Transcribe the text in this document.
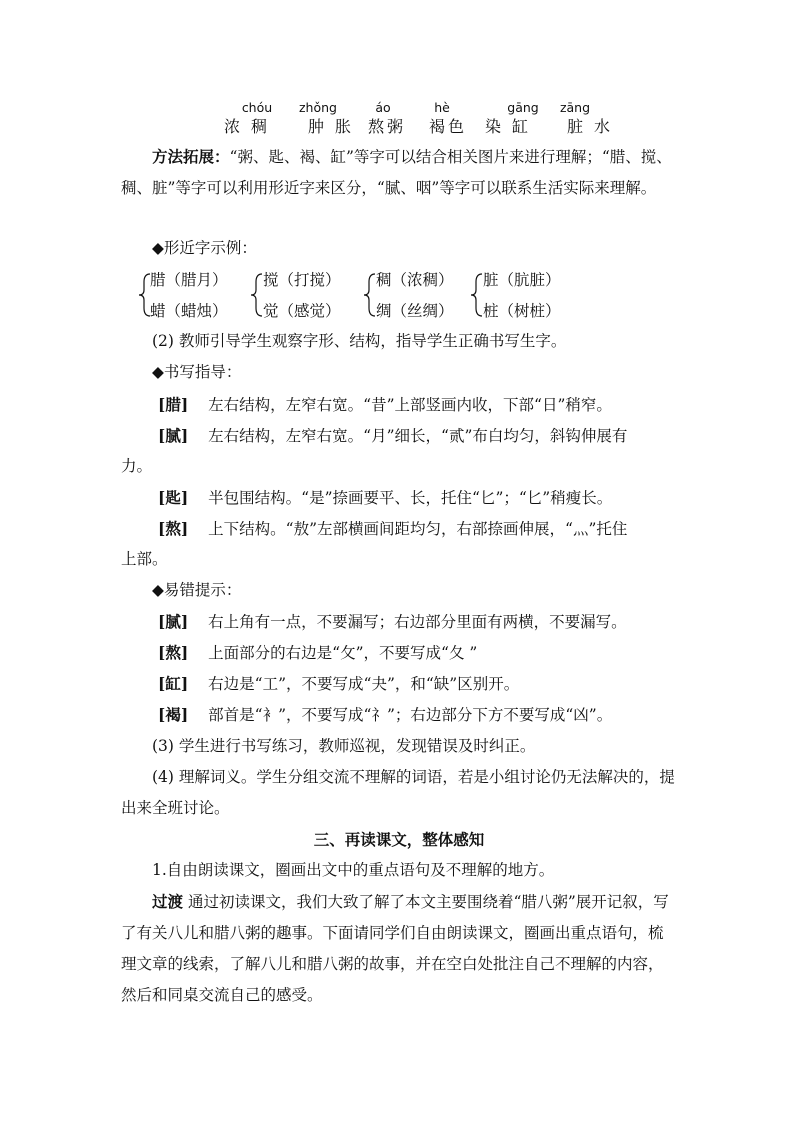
chóu
浓 稠
zhǒng
肿 胀
áo
熬粥
hè
褐色
gāng
染 缸
zāng
脏 水

方法拓展：“粥、匙、褐、缸”等字可以结合相关图片来进行理解；“腊、搅、稠、脏”等字可以利用形近字来区分，“腻、咽”等字可以联系生活实际来理解。

◆形近字示例：
腊（腊月）
蜡（蜡烛）
搅（打搅）
觉（感觉）
稠（浓稠）
绸（丝绸）
脏（肮脏）
桩（树桩）
(2) 教师引导学生观察字形、结构，指导学生正确书写生字。
◆书写指导：
[腊] 左右结构，左窄右宽。“昔”上部竖画内收，下部“日”稍窄。
[腻] 左右结构，左窄右宽。“月”细长，“贰”布白均匀，斜钩伸展有
力。
[匙] 半包围结构。“是”捺画要平、长，托住“匕”；“匕”稍瘦长。
[熬] 上下结构。“敖”左部横画间距均匀，右部捺画伸展，“灬”托住
上部。
◆易错提示：
[腻] 右上角有一点，不要漏写；右边部分里面有两横，不要漏写。
[熬] 上面部分的右边是“攵”，不要写成“夂 ”
[缸] 右边是“工”，不要写成“夬”，和“缺”区别开。
[褐] 部首是“衤”，不要写成“礻”；右边部分下方不要写成“凶”。
(3) 学生进行书写练习，教师巡视，发现错误及时纠正。

(4) 理解词义。学生分组交流不理解的词语，若是小组讨论仍无法解决的，提出来全班讨论。

三、再读课文，整体感知
1.自由朗读课文，圈画出文中的重点语句及不理解的地方。

过渡 通过初读课文，我们大致了解了本文主要围绕着“腊八粥”展开记叙，写了有关八儿和腊八粥的趣事。下面请同学们自由朗读课文，圈画出重点语句，梳理文章的线索，了解八儿和腊八粥的故事，并在空白处批注自己不理解的内容，然后和同桌交流自己的感受。
